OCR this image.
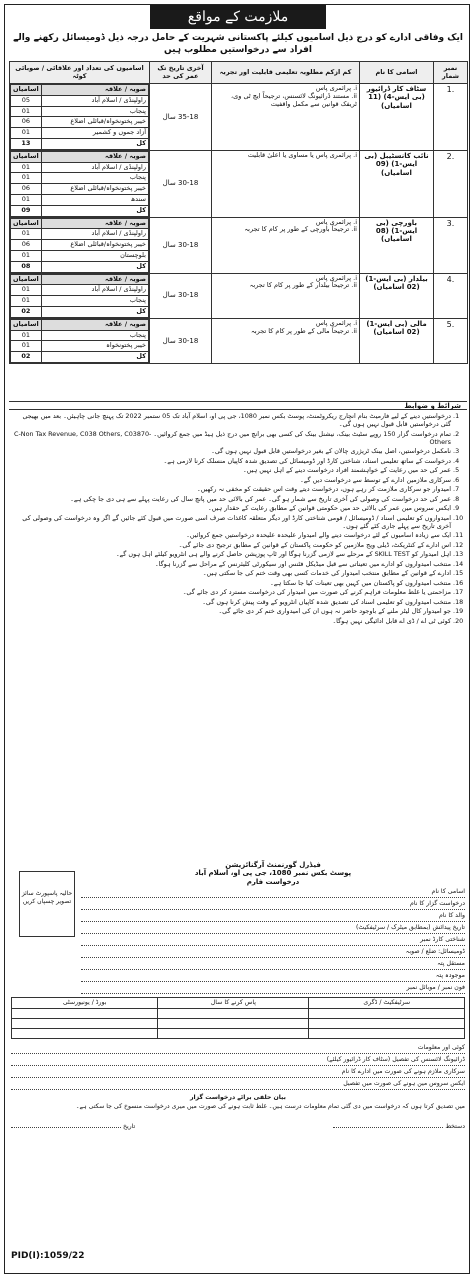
ملازمت کے مواقع
ایک وفاقی ادارے کو درج ذیل اسامیوں کیلئے پاکستانی شہریت کے حامل درجہ ذیل ڈومیسائل رکھنے والے افراد سے درخواستیں مطلوب ہیں
نمبر شمار	اسامی کا نام	کم ازکم مطلوبہ تعلیمی قابلیت اور تجربہ	آخری تاریخ تک عمر کی حد	اسامیوں کی تعداد اور علاقائی / صوبائی کوٹہ
1.	سٹاف کار ڈرائیور (بی ایس-4) (11 اسامیاں)	
i. پرائمری پاس
ii. مستند ڈرائیونگ لائسنس، ترجیحاً ایچ ٹی وی، ٹریفک قوانین سے مکمل واقفیت
	35-18 سال	
صوبہ / علاقہ	اسامیاں
راولپنڈی / اسلام آباد	05
پنجاب	01
خیبر پختونخواہ/قبائلی اضلاع	06
آزاد جموں و کشمیر	01
کل	13

2.	نائب کانسٹیبل (بی ایس-1) (09 اسامیاں)	
i. پرائمری پاس یا مساوی یا اعلیٰ قابلیت
	30-18 سال	
صوبہ / علاقہ	اسامیاں
راولپنڈی / اسلام آباد	01
پنجاب	01
خیبر پختونخواہ/قبائلی اضلاع	06
سندھ	01
کل	09

3.	باورچی (بی ایس-1) (08 اسامیاں)	
i. پرائمری پاس
ii. ترجیحاً باورچی کے طور پر کام کا تجربہ
	30-18 سال	
صوبہ / علاقہ	اسامیاں
راولپنڈی / اسلام آباد	01
خیبر پختونخواہ/قبائلی اضلاع	06
بلوچستان	01
کل	08

4.	بیلدار (بی ایس-1) (02 اسامیاں)	
i. پرائمری پاس
ii. ترجیحاً بیلدار کے طور پر کام کا تجربہ
	30-18 سال	
صوبہ / علاقہ	اسامیاں
راولپنڈی / اسلام آباد	01
پنجاب	01
کل	02

5.	مالی (بی ایس-1) (02 اسامیاں)	
i. پرائمری پاس
ii. ترجیحاً مالی کے طور پر کام کا تجربہ
	30-18 سال	
صوبہ / علاقہ	اسامیاں
پنجاب	01
خیبر پختونخواہ	01
کل	02
شرائط و ضوابط
1. درخواستیں دینے کے لیے فارمیٹ بنام انچارج ریکروٹمنٹ، پوسٹ بکس نمبر 1080، جی پی او، اسلام آباد تک 05 ستمبر 2022 تک پہنچ جانی چاہیئں۔ بعد میں بھیجی گئی درخواستیں قابل قبول نہیں ہوں گی۔
2. تمام درخواست گزار 150 روپے سٹیٹ بینک، نیشنل بینک کی کسی بھی برانچ میں درج ذیل ہیڈ میں جمع کروائیں۔ C-Non Tax Revenue, C038 Others, C03870-Others
3. نامکمل درخواستیں، اصل بینک ٹریژری چالان کے بغیر درخواستیں قابل قبول نہیں ہوں گی۔
4. درخواست کے ساتھ تعلیمی اسناد، شناختی کارڈ اور ڈومیسائل کی تصدیق شدہ کاپیاں منسلک کرنا لازمی ہے۔
5. عمر کی حد میں رعایت کے خواہشمند افراد درخواست دینے کے اہل نہیں ہیں۔
6. سرکاری ملازمین ادارے کے توسط سے درخواست دیں گے۔
7. امیدوار جو سرکاری ملازمت کر رہے ہوں، درخواست دیتے وقت اس حقیقت کو مخفی نہ رکھیں۔
8. عمر کی حد درخواست کی وصولی کی آخری تاریخ سے شمار ہو گی۔ عمر کی بالائی حد میں پانچ سال کی رعایت پہلے سے ہی دی جا چکی ہے۔
9. ایکس سروس مین عمر کی بالائی حد میں حکومتی قوانین کے مطابق رعایت کے حقدار ہیں۔
10. امیدواروں کو تعلیمی اسناد / ڈومیسائل / قومی شناختی کارڈ اور دیگر متعلقہ کاغذات صرف اسی صورت میں قبول کئے جائیں گے اگر وہ درخواست کی وصولی کی آخری تاریخ سے پہلے جاری کئے گئے ہوں۔
11. ایک سے زیادہ اسامیوں کے لئے درخواست دینے والے امیدوار علیحدہ علیحدہ درخواستیں جمع کروائیں۔
12. اس ادارے کے کنٹریکٹ، ڈیلی ویج ملازمین کو حکومت پاکستان کے قوانین کے مطابق ترجیح دی جائے گی۔
13. اہل امیدوار کو SKILL TEST کے مرحلے سے لازمی گزرنا ہوگا اور ٹاپ پوزیشن حاصل کرنے والے ہی انٹرویو کیلئے اہل ہوں گے۔
14. منتخب امیدواروں کو ادارے میں تعیناتی سے قبل میڈیکل فٹنس اور سیکورٹی کلیئرنس کے مراحل سے گزرنا ہوگا۔
15. ادارے کے قوانین کے مطابق منتخب امیدوار کی خدمات کسی بھی وقت ختم کی جا سکتی ہیں۔
16. منتخب امیدواروں کو پاکستان میں کہیں بھی تعینات کیا جا سکتا ہے۔
17. مزاحمتی یا غلط معلومات فراہم کرنے کی صورت میں امیدوار کی درخواست مسترد کر دی جائے گی۔
18. منتخب امیدواروں کو تعلیمی اسناد کی تصدیق شدہ کاپیاں انٹرویو کے وقت پیش کرنا ہوں گی۔
19. جو امیدوار کال لیٹر ملنے کے باوجود حاضر نہ ہوں ان کی امیدواری ختم کر دی جائے گی۔
20. کوئی ٹی اے / ڈی اے قابل ادائیگی نہیں ہوگا۔
حالیہ پاسپورٹ سائز تصویر چسپاں کریں
فیڈرل گورنمنٹ آرگنائزیشن
پوسٹ بکس نمبر 1080، جی پی او، اسلام آباد
درخواست فارم
اسامی کا نام
درخواست گزار کا نام
والد کا نام
تاریخ پیدائش (بمطابق میٹرک / سرٹیفکیٹ)
شناختی کارڈ نمبر
ڈومیسائل: ضلع / صوبہ
مستقل پتہ
موجودہ پتہ
فون نمبر / موبائل نمبر
سرٹیفکیٹ / ڈگری	پاس کرنے کا سال	بورڈ / یونیورسٹی

کوئی اور معلومات
ڈرائیونگ لائسنس کی تفصیل (سٹاف کار ڈرائیور کیلئے)
سرکاری ملازم ہونے کی صورت میں ادارے کا نام
ایکس سروس مین ہونے کی صورت میں تفصیل
بیان حلفی برائے درخواست گزار
میں تصدیق کرتا ہوں کہ درخواست میں دی گئی تمام معلومات درست ہیں۔ غلط ثابت ہونے کی صورت میں میری درخواست منسوخ کی جا سکتی ہے۔
دستخط
تاریخ
PID(I):1059/22
